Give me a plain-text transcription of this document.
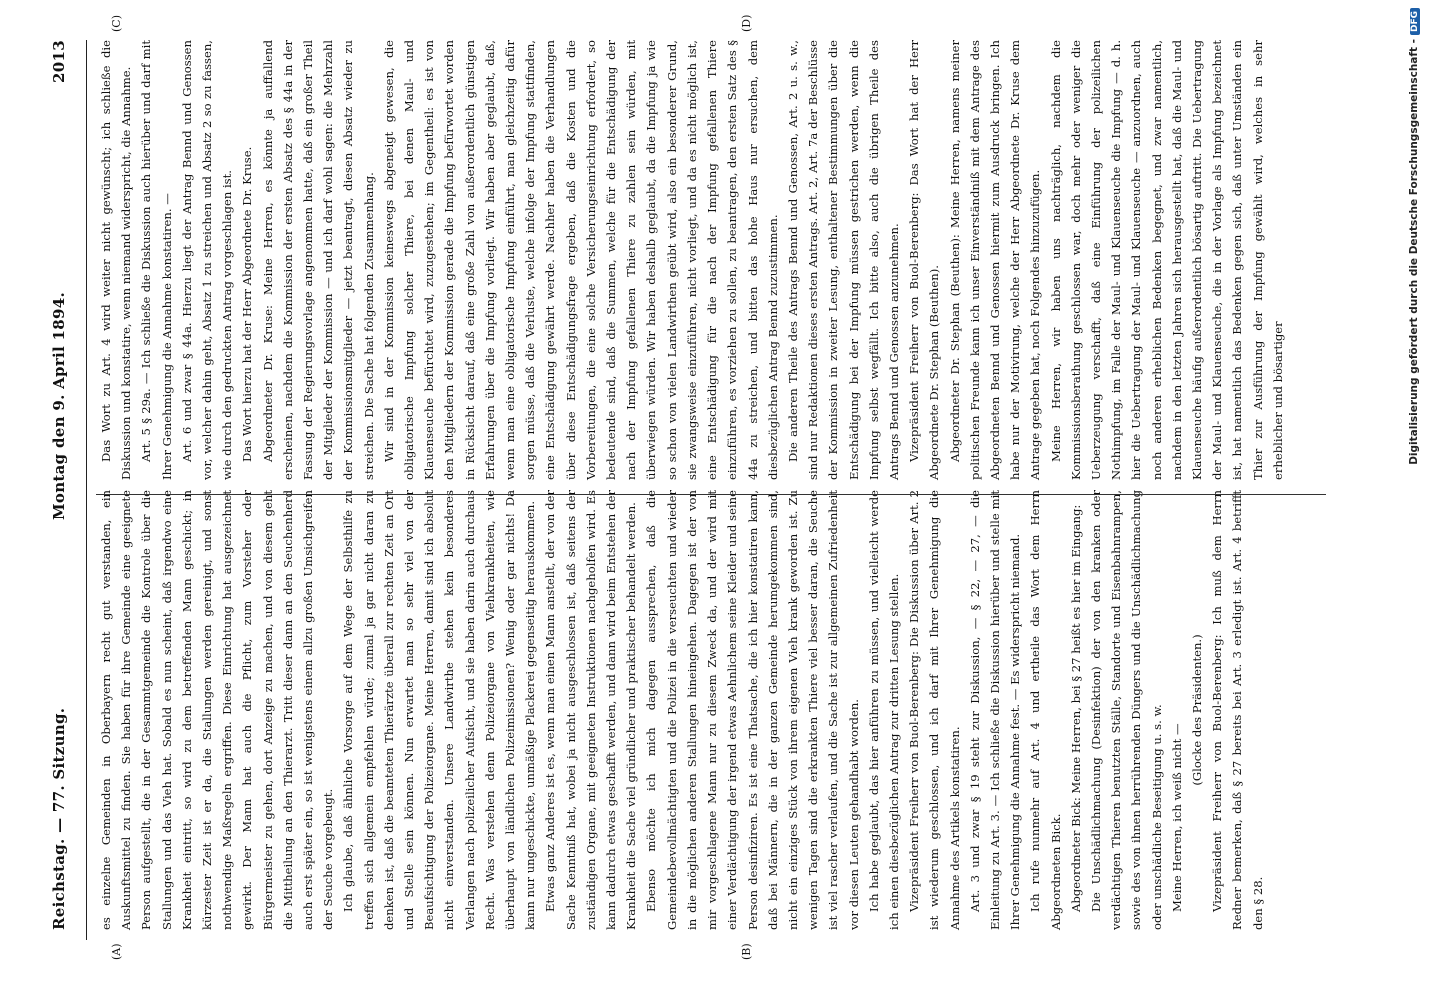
Reichstag. — 77. Sitzung.
Montag den 9. April 1894.
2013
(A)	(B)
(C)	(D)

es einzelne Gemeinden in Oberbayern recht gut verstanden, ein Auskunftsmittel zu finden. Sie haben für ihre Gemeinde eine geeignete Person aufgestellt, die in der Gesammtgemeinde die Kontrole über die Stallungen und das Vieh hat. Sobald es nun scheint, daß irgendwo eine Krankheit eintritt, so wird zu dem betreffenden Mann geschickt; in kürzester Zeit ist er da, die Stallungen werden gereinigt, und sonst nothwendige Maßregeln ergriffen. Diese Einrichtung hat ausgezeichnet gewirkt. Der Mann hat auch die Pflicht, zum Vorsteher oder Bürgermeister zu gehen, dort Anzeige zu machen, und von diesem geht die Mittheilung an den Thierarzt. Tritt dieser dann an den Seuchenherd auch erst später ein, so ist wenigstens einem allzu großen Umsichgreifen der Seuche vorgebeugt. Ich glaube, daß ähnliche Vorsorge auf dem Wege der Selbsthilfe zu treffen sich allgemein empfehlen würde; zumal ja gar nicht daran zu denken ist, daß die beamteten Thierärzte überall zur rechten Zeit an Ort und Stelle sein können. Nun erwartet man so sehr viel von der Beaufsichtigung der Polizeiorgane. Meine Herren, damit sind ich absolut nicht einverstanden. Unsere Landwirthe stehen kein besonderes Verlangen nach polizeilicher Aufsicht, und sie haben darin auch durchaus Recht. Was verstehen denn Polizeiorgane von Viehkrankheiten, wie überhaupt von ländlichen Polizeimissionen? Wenig oder gar nichts! Da kann nur ungeschickte, unmäßige Plackerei gegenseitig herauskommen. Etwas ganz Anderes ist es, wenn man einen Mann anstellt, der von der Sache Kenntniß hat, wobei ja nicht ausgeschlossen ist, daß seitens der zuständigen Organe, mit geeigneten Instruktionen nachgeholfen wird. Es kann dadurch etwas geschafft werden, und dann wird beim Entstehen der Krankheit die Sache viel gründlicher und praktischer behandelt werden. Ebenso möchte ich mich dagegen aussprechen, daß die Gemeindebevollmächtigten und die Polizei in die verseuchten und wieder in die möglichen anderen Stallungen hineingehen. Dagegen ist der von mir vorgeschlagene Mann nur zu diesem Zweck da, und der wird mit einer Verdächtigung der irgend etwas Aehnlichem seine Kleider und seine Person desinfiziren. Es ist eine Thatsache, die ich hier konstatiren kann, daß bei Männern, die in der ganzen Gemeinde herumgekommen sind, nicht ein einziges Stück von ihrem eigenen Vieh krank geworden ist. Zu wenigen Tagen sind die erkrankten Thiere viel besser daran, die Seuche ist viel rascher verlaufen, und die Sache ist zur allgemeinen Zufriedenheit vor diesen Leuten gehandhabt worden. Ich habe geglaubt, das hier anführen zu müssen, und vielleicht werde ich einen diesbezüglichen Antrag zur dritten Lesung stellen. Vizepräsident Freiherr von Buol-Berenberg: Die Diskussion über Art. 2 ist wiederum geschlossen, und ich darf mit Ihrer Genehmigung die Annahme des Artikels konstatiren. Art. 3 und zwar § 19 steht zur Diskussion, — § 22, — 27, — die Einleitung zu Art. 3. — Ich schließe die Diskussion hierüber und stelle mit Ihrer Genehmigung die Annahme fest. — Es widerspricht niemand. Ich rufe nunmehr auf Art. 4 und ertheile das Wort dem Herrn Abgeordneten Bick. Abgeordneter Bick: Meine Herren, bei § 27 heißt es hier im Eingang: Die Unschädlichmachung (Desinfektion) der von den kranken oder verdächtigen Thieren benutzten Ställe, Standorte und Eisenbahnrampen, sowie des von ihnen herrührenden Düngers und die Unschädlichmachung oder unschädliche Beseitigung u. s. w. Meine Herren, ich weiß nicht —

(Glocke des Präsidenten.) Vizepräsident Freiherr von Buol-Berenberg: Ich muß dem Herrn Redner bemerken, daß § 27 bereits bei Art. 3 erledigt ist. Art. 4 betrifft den § 28.

Das Wort zu Art. 4 wird weiter nicht gewünscht; ich schließe die Diskussion und konstatire, wenn niemand widerspricht, die Annahme. Art. 5 § 29a. — Ich schließe die Diskussion auch hierüber und darf mit Ihrer Genehmigung die Annahme konstatiren. — Art. 6 und zwar § 44a. Hierzu liegt der Antrag Bennd und Genossen vor, welcher dahin geht, Absatz 1 zu streichen und Absatz 2 so zu fassen, wie durch den gedruckten Antrag vorgeschlagen ist. Das Wort hierzu hat der Herr Abgeordnete Dr. Kruse. Abgeordneter Dr. Kruse: Meine Herren, es könnte ja auffallend erscheinen, nachdem die Kommission der ersten Absatz des § 44a in der Fassung der Regierungsvorlage angenommen hatte, daß ein großer Theil der Mitglieder der Kommission — und ich darf wohl sagen: die Mehrzahl der Kommissionsmitglieder — jetzt beantragt, diesen Absatz wieder zu streichen. Die Sache hat folgenden Zusammenhang. Wir sind in der Kommission keineswegs abgeneigt gewesen, die obligatorische Impfung solcher Thiere, bei denen Maul- und Klauenseuche befürchtet wird, zuzugestehen; im Gegentheil: es ist von den Mitgliedern der Kommission gerade die Impfung befürwortet worden in Rücksicht darauf, daß eine große Zahl von außerordentlich günstigen Erfahrungen über die Impfung vorliegt. Wir haben aber geglaubt, daß, wenn man eine obligatorische Impfung einführt, man gleichzeitig dafür sorgen müsse, daß die Verluste, welche infolge der Impfung stattfinden, eine Entschädigung gewährt werde. Nachher haben die Verhandlungen über diese Entschädigungsfrage ergeben, daß die Kosten und die Vorbereitungen, die eine solche Versicherungseinrichtung erfordert, so bedeutende sind, daß die Summen, welche für die Entschädigung der nach der Impfung gefallenen Thiere zu zahlen sein würden, mit überwiegen würden. Wir haben deshalb geglaubt, da die Impfung ja wie so schon von vielen Landwirthen geübt wird, also ein besonderer Grund, sie zwangsweise einzuführen, nicht vorliegt, und da es nicht möglich ist, eine Entschädigung für die nach der Impfung gefallenen Thiere einzuführen, es vorziehen zu sollen, zu beantragen, den ersten Satz des § 44a zu streichen, und bitten das hohe Haus nur ersuchen, dem diesbezüglichen Antrag Bennd zuzustimmen. Die anderen Theile des Antrags Bennd und Genossen, Art. 2 u. s. w., sind nur Redaktionen dieses ersten Antrags. Art. 2, Art. 7a der Beschlüsse der Kommission in zweiter Lesung, enthaltener Bestimmungen über die Entschädigung bei der Impfung müssen gestrichen werden, wenn die Impfung selbst wegfällt. Ich bitte also, auch die übrigen Theile des Antrags Bennd und Genossen anzunehmen. Vizepräsident Freiherr von Buol-Berenberg: Das Wort hat der Herr Abgeordnete Dr. Stephan (Beuthen). Abgeordneter Dr. Stephan (Beuthen): Meine Herren, namens meiner politischen Freunde kann ich unser Einverständniß mit dem Antrage des Abgeordneten Bennd und Genossen hiermit zum Ausdruck bringen. Ich habe nur der Motivirung, welche der Herr Abgeordnete Dr. Kruse dem Antrage gegeben hat, noch Folgendes hinzuzufügen. Meine Herren, wir haben uns nachträglich, nachdem die Kommissionsberathung geschlossen war, doch mehr oder weniger die Ueberzeugung verschafft, daß eine Einführung der polizeilichen Nothimpfung, im Falle der Maul- und Klauenseuche die Impfung — d. h. hier die Uebertragung der Maul- und Klauenseuche — anzuordnen, auch noch anderen erheblichen Bedenken begegnet, und zwar namentlich, nachdem in den letzten Jahren sich herausgestellt hat, daß die Maul- und Klauenseuche häufig außerordentlich bösartig auftritt. Die Uebertragung der Maul- und Klauenseuche, die in der Vorlage als Impfung bezeichnet ist, hat namentlich das Bedenken gegen sich, daß unter Umständen ein Thier zur Ausführung der Impfung gewählt wird, welches in sehr erheblicher und bösartiger	Digitalisierung gefördert durch die Deutsche Forschungsgemeinschaft -DFG
